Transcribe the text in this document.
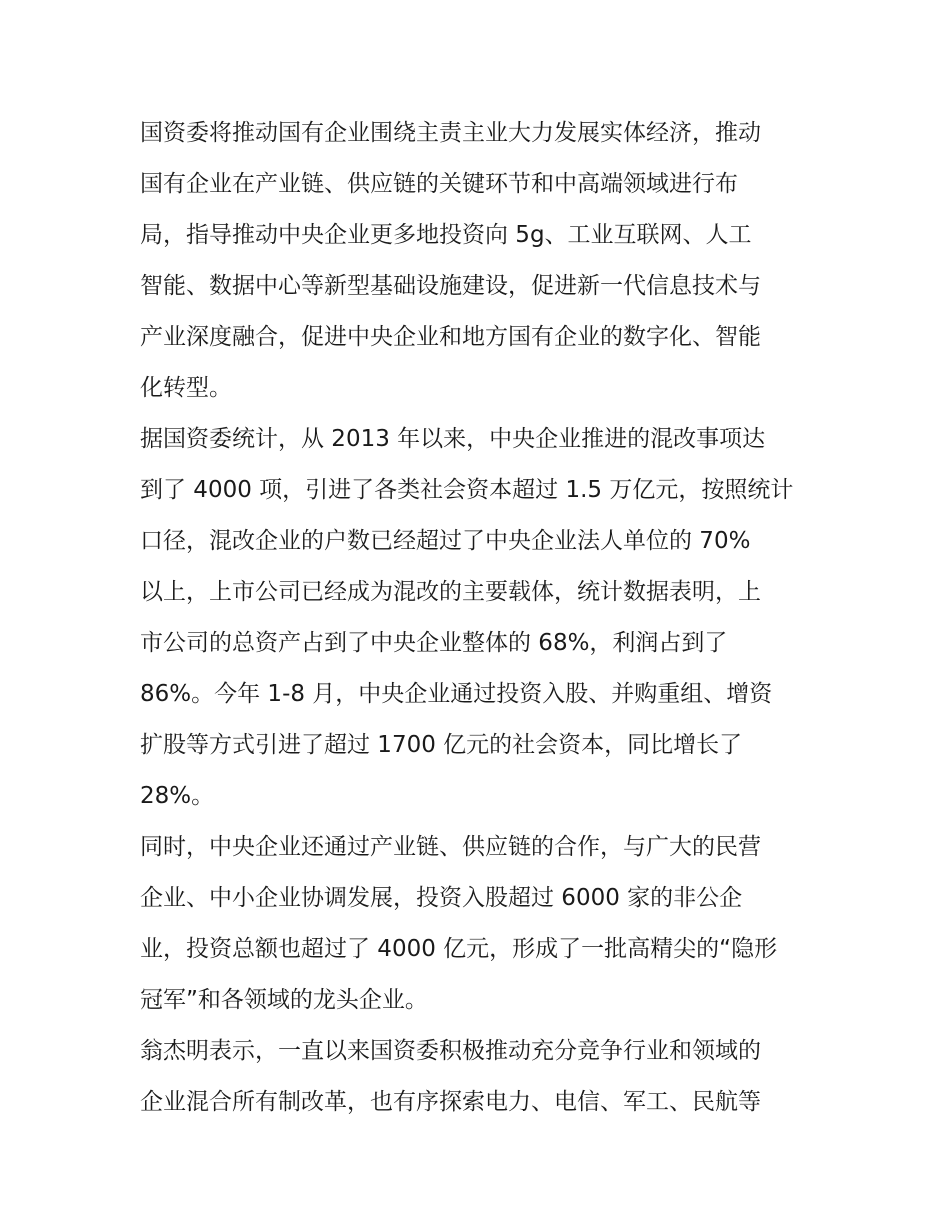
国资委将推动国有企业围绕主责主业大力发展实体经济，推动
国有企业在产业链、供应链的关键环节和中高端领域进行布
局，指导推动中央企业更多地投资向 5g、工业互联网、人工
智能、数据中心等新型基础设施建设，促进新一代信息技术与
产业深度融合，促进中央企业和地方国有企业的数字化、智能
化转型。

据国资委统计，从 2013 年以来，中央企业推进的混改事项达
到了 4000 项，引进了各类社会资本超过 1.5 万亿元，按照统计
口径，混改企业的户数已经超过了中央企业法人单位的 70%
以上，上市公司已经成为混改的主要载体，统计数据表明，上
市公司的总资产占到了中央企业整体的 68%，利润占到了
86%。今年 1-8 月，中央企业通过投资入股、并购重组、增资
扩股等方式引进了超过 1700 亿元的社会资本，同比增长了
28%。

同时，中央企业还通过产业链、供应链的合作，与广大的民营
企业、中小企业协调发展，投资入股超过 6000 家的非公企
业，投资总额也超过了 4000 亿元，形成了一批高精尖的“隐形
冠军”和各领域的龙头企业。

翁杰明表示，一直以来国资委积极推动充分竞争行业和领域的
企业混合所有制改革，也有序探索电力、电信、军工、民航等
